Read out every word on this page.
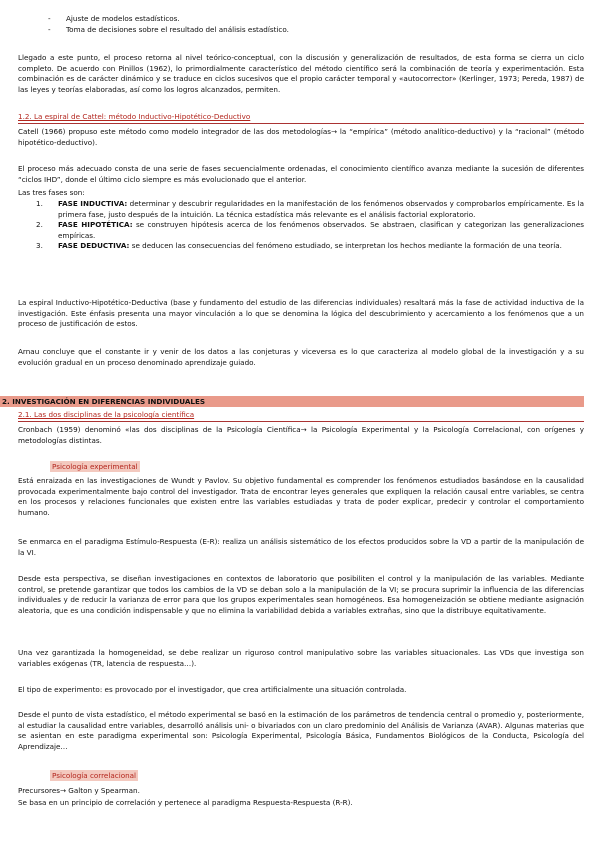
- Ajuste de modelos estadísticos.
- Toma de decisiones sobre el resultado del análisis estadístico.
Llegado a este punto, el proceso retorna al nivel teórico-conceptual, con la discusión y generalización de resultados, de esta forma se cierra un ciclo completo. De acuerdo con Pinillos (1962), lo primordialmente característico del método científico será la combinación de teoría y experimentación. Esta combinación es de carácter dinámico y se traduce en ciclos sucesivos que el propio carácter temporal y «autocorrector» (Kerlinger, 1973; Pereda, 1987) de las leyes y teorías elaboradas, así como los logros alcanzados, permiten.
1.2. La espiral de Cattel: método Inductivo-Hipotético-Deductivo
Catell (1966) propuso este método como modelo integrador de las dos metodologías→ la “empírica” (método analítico-deductivo) y la “racional” (método hipotético-deductivo).
El proceso más adecuado consta de una serie de fases secuencialmente ordenadas, el conocimiento científico avanza mediante la sucesión de diferentes “ciclos IHD”, donde el último ciclo siempre es más evolucionado que el anterior.
Las tres fases son:
1. FASE INDUCTIVA: determinar y descubrir regularidades en la manifestación de los fenómenos observados y comprobarlos empíricamente. Es la primera fase, justo después de la intuición. La técnica estadística más relevante es el análisis factorial exploratorio.
2. FASE HIPOTÉTICA: se construyen hipótesis acerca de los fenómenos observados. Se abstraen, clasifican y categorizan las generalizaciones empíricas.
3. FASE DEDUCTIVA: se deducen las consecuencias del fenómeno estudiado, se interpretan los hechos mediante la formación de una teoría.
La espiral Inductivo-Hipotético-Deductiva (base y fundamento del estudio de las diferencias individuales) resaltará más la fase de actividad inductiva de la investigación. Este énfasis presenta una mayor vinculación a lo que se denomina la lógica del descubrimiento y acercamiento a los fenómenos que a un proceso de justificación de estos.
Arnau concluye que el constante ir y venir de los datos a las conjeturas y viceversa es lo que caracteriza al modelo global de la investigación y a su evolución gradual en un proceso denominado aprendizaje guiado.
2. INVESTIGACIÓN EN DIFERENCIAS INDIVIDUALES
2.1. Las dos disciplinas de la psicología científica
Cronbach (1959) denominó «las dos disciplinas de la Psicología Científica→ la Psicología Experimental y la Psicología Correlacional, con orígenes y metodologías distintas.
Psicología experimental
Está enraizada en las investigaciones de Wundt y Pavlov. Su objetivo fundamental es comprender los fenómenos estudiados basándose en la causalidad provocada experimentalmente bajo control del investigador. Trata de encontrar leyes generales que expliquen la relación causal entre variables, se centra en los procesos y relaciones funcionales que existen entre las variables estudiadas y trata de poder explicar, predecir y controlar el comportamiento humano.
Se enmarca en el paradigma Estímulo-Respuesta (E-R): realiza un análisis sistemático de los efectos producidos sobre la VD a partir de la manipulación de la VI.
Desde esta perspectiva, se diseñan investigaciones en contextos de laboratorio que posibiliten el control y la manipulación de las variables. Mediante control, se pretende garantizar que todos los cambios de la VD se deban solo a la manipulación de la VI; se procura suprimir la influencia de las diferencias individuales y de reducir la varianza de error para que los grupos experimentales sean homogéneos. Esa homogeneización se obtiene mediante asignación aleatoria, que es una condición indispensable y que no elimina la variabilidad debida a variables extrañas, sino que la distribuye equitativamente.
Una vez garantizada la homogeneidad, se debe realizar un riguroso control manipulativo sobre las variables situacionales. Las VDs que investiga son variables exógenas (TR, latencia de respuesta…).
El tipo de experimento: es provocado por el investigador, que crea artificialmente una situación controlada.
Desde el punto de vista estadístico, el método experimental se basó en la estimación de los parámetros de tendencia central o promedio y, posteriormente, al estudiar la causalidad entre variables, desarrolló análisis uni- o bivariados con un claro predominio del Análisis de Varianza (AVAR). Algunas materias que se asientan en este paradigma experimental son: Psicología Experimental, Psicología Básica, Fundamentos Biológicos de la Conducta, Psicología del Aprendizaje…
Psicología correlacional
Precursores→ Galton y Spearman.
Se basa en un principio de correlación y pertenece al paradigma Respuesta-Respuesta (R-R).
